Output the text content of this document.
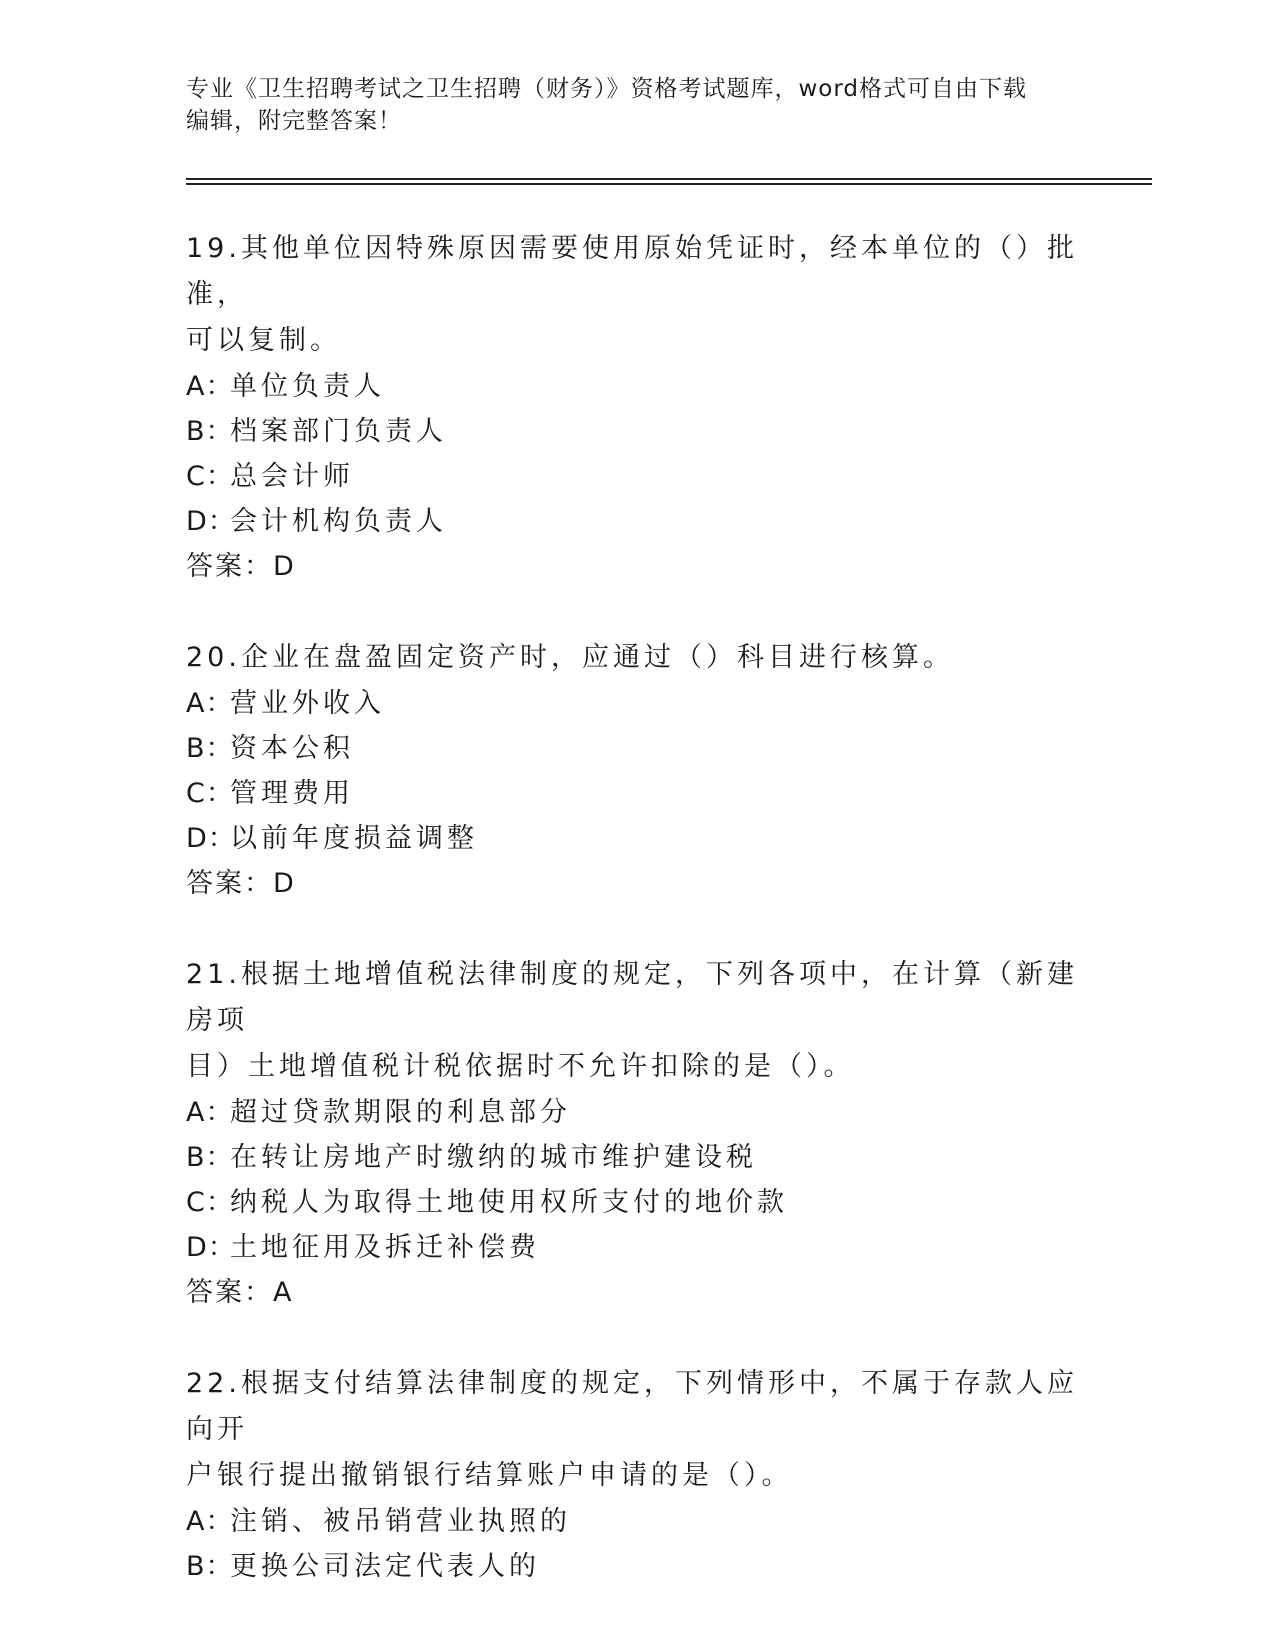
专业《卫生招聘考试之卫生招聘（财务）》资格考试题库，word格式可自由下载
编辑，附完整答案！
19.其他单位因特殊原因需要使用原始凭证时，经本单位的（）批准，
可以复制。
A：单位负责人
B：档案部门负责人
C：总会计师
D：会计机构负责人
答案：D
20.企业在盘盈固定资产时，应通过（）科目进行核算。
A：营业外收入
B：资本公积
C：管理费用
D：以前年度损益调整
答案：D
21.根据土地增值税法律制度的规定，下列各项中，在计算（新建房项
目）土地增值税计税依据时不允许扣除的是（）。
A：超过贷款期限的利息部分
B：在转让房地产时缴纳的城市维护建设税
C：纳税人为取得土地使用权所支付的地价款
D：土地征用及拆迁补偿费
答案：A
22.根据支付结算法律制度的规定，下列情形中，不属于存款人应向开
户银行提出撤销银行结算账户申请的是（）。
A：注销、被吊销营业执照的
B：更换公司法定代表人的
